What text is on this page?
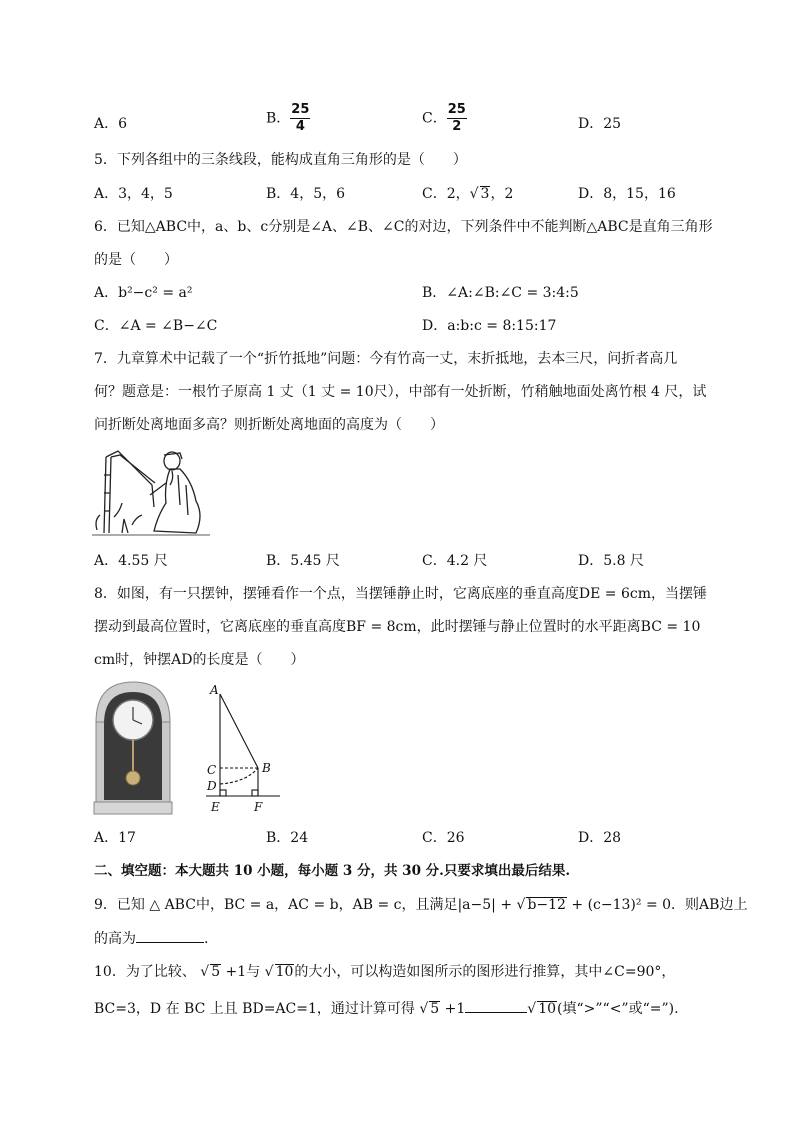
A．6	B． $\frac{25}{4}$	C． $\frac{25}{2}$	D．25
5．下列各组中的三条线段，能构成直角三角形的是（　　）
A．3，4，5	B．4，5，6	C．2，√ 3，2	D．8，15，16
6．已知△ABC中，a、b、c分别是∠A、∠B、∠C的对边，下列条件中不能判断△ABC是直角三角形
的是（　　）
A．b²−c² = a²	B．∠A:∠B:∠C = 3:4:5
C．∠A = ∠B−∠C	D．a:b:c = 8:15:17
7．九章算术中记载了一个“折竹抵地”问题：今有竹高一丈，末折抵地，去本三尺，问折者高几
何？题意是：一根竹子原高 1 丈（1 丈 = 10尺），中部有一处折断，竹稍触地面处离竹根 4 尺，试
问折断处离地面多高？则折断处离地面的高度为（　　）
A．4.55 尺	B．5.45 尺	C．4.2 尺	D．5.8 尺
8．如图，有一只摆钟，摆锤看作一个点，当摆锤静止时，它离底座的垂直高度DE = 6cm，当摆锤
摆动到最高位置时，它离底座的垂直高度BF = 8cm，此时摆锤与静止位置时的水平距离BC = 10
cm时，钟摆AD的长度是（　　）
A
B
C
D
E	F
A．17	B．24	C．26	D．28
二、填空题：本大题共 10 小题，每小题 3 分，共 30 分.只要求填出最后结果.
9．已知 △ ABC中，BC = a，AC = b，AB = c，且满足|a−5| + √ b−12 + (c−13)² = 0．则AB边上
的高为	.
10．为了比较、 √ 5 +1与 √ 10的大小，可以构造如图所示的图形进行推算，其中∠C=90°，
BC=3，D 在 BC 上且 BD=AC=1，通过计算可得 √ 5 +1	√ 10(填“>”“<”或“=”).
